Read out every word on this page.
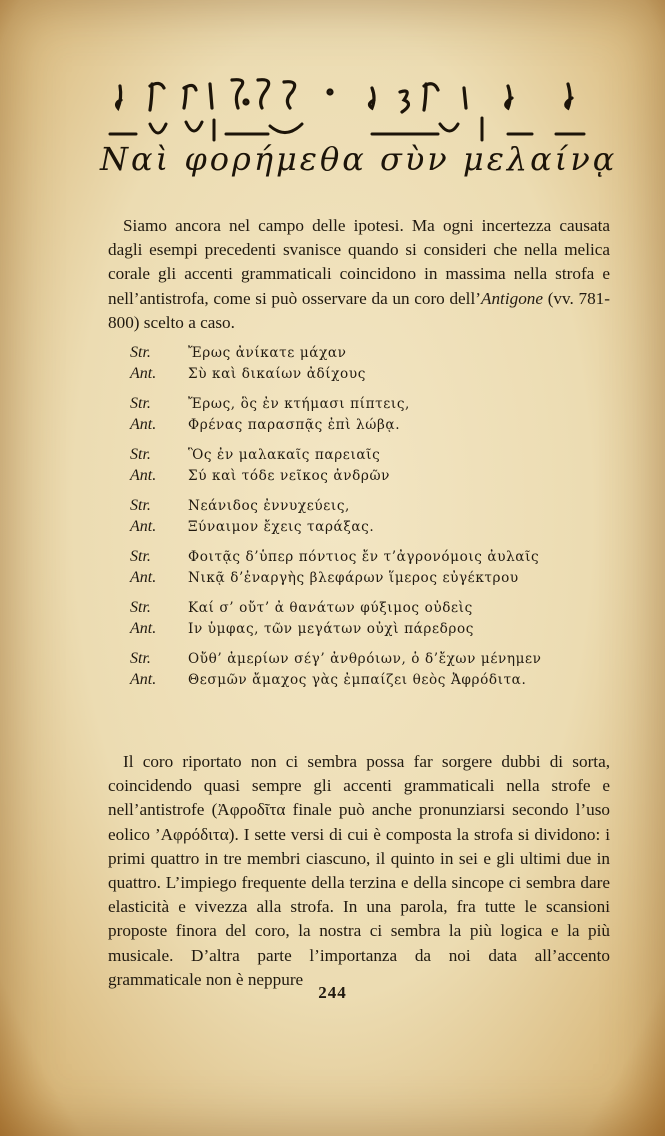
Ναὶ φορήμεθα σὺν μελαίνᾳ

Siamo ancora nel campo delle ipotesi. Ma ogni incertezza causata dagli esempi precedenti svanisce quando si consideri che nella melica corale gli accenti grammaticali coincidono in massima nella strofa e nell’antistrofa, come si può osservare da un coro dell’Antigone (vv. 781-800) scelto a caso.

Str.	Ἔρως ἀνίκατε μάχαν
Ant.	Σὺ καὶ δικαίων ἀδίχους
Str.	Ἔρως, ὃς ἐν κτήμασι πίπτεις,
Ant.	Φρένας παρασπᾷς ἐπὶ λώβᾳ.
Str.	Ὃς ἐν μαλακαῖς παρειαῖς
Ant.	Σύ καὶ τόδε νεῖκος ἀνδρῶν
Str.	Νεάνιδος ἐννυχεύεις,
Ant.	Ξύναιμον ἔχεις ταράξας.
Str.	Φοιτᾷς δ’ὑπερ πόντιος ἔν τ’ἀγρονόμοις ἀυλαῖς
Ant.	Νικᾷ δ’ἐναργὴς βλεφάρων ἵμερος εὐγέκτρου
Str.	Καί σ’ οὔτ’ ἀ θανάτων φύξιμος οὐδεὶς
Ant.	Ιν ὑμφας, τῶν μεγάτων οὐχὶ πάρεδρος
Str.	Οὔθ’ ἀμερίων σέγ’ ἀνθρόιων, ὁ δ’ἔχων μένημεν
Ant.	Θεσμῶν ἄμαχος γὰς ἐμπαίζει θεὸς Ἀφρόδιτα.

Il coro riportato non ci sembra possa far sorgere dubbi di sorta, coincidendo quasi sempre gli accenti grammaticali nella strofe e nell’antistrofe (Ἀφροδῖτα finale può anche pronunziarsi secondo l’uso eolico ’Αφρόδιτα). I sette versi di cui è composta la strofa si dividono: i primi quattro in tre membri ciascuno, il quinto in sei e gli ultimi due in quattro. L’impiego frequente della terzina e della sincope ci sembra dare elasticità e vivezza alla strofa. In una parola, fra tutte le scansioni proposte finora del coro, la nostra ci sembra la più logica e la più musicale. D’altra parte l’importanza da noi data all’accento grammaticale non è neppure

244
